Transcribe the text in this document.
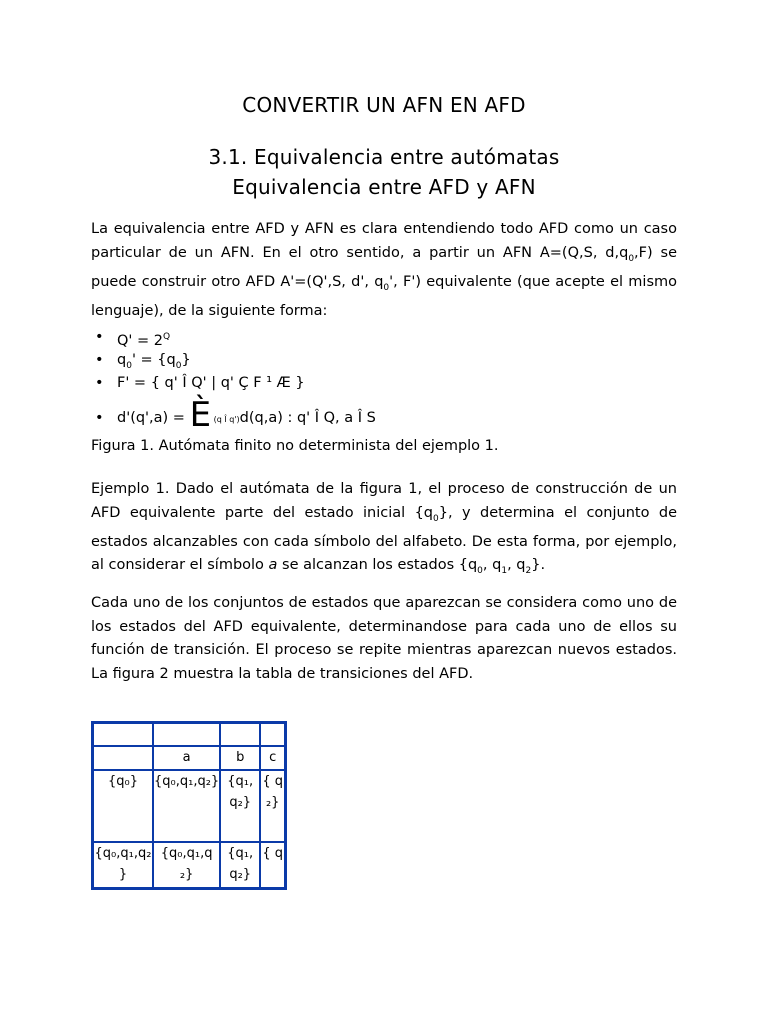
CONVERTIR UN AFN EN AFD
3.1. Equivalencia entre autómatas
Equivalencia entre AFD y AFN
La equivalencia entre AFD y AFN es clara entendiendo todo AFD como un caso particular de un AFN. En el otro sentido, a partir un AFN A=(Q,S, $d,q_0,F$) se puede construir otro AFD A'=(Q',S, d', $q_0'$, F') equivalente (que acepte el mismo lenguaje), de la siguiente forma:
• $Q' = 2^Q$
• $q_0' = \{q_0\}$
• F' = { q' Î Q' | q' Ç F ¹ Æ }
• d'(q',a) = È (q Î q')d(q,a) : q' Î Q, a Î S
Figura 1. Autómata finito no determinista del ejemplo 1.
Ejemplo 1. Dado el autómata de la figura 1, el proceso de construcción de un AFD equivalente parte del estado inicial $\{q_0\}$, y determina el conjunto de estados alcanzables con cada símbolo del alfabeto. De esta forma, por ejemplo, al considerar el símbolo a se alcanzan los estados {$q_0$, $q_1$, $q_2$}.
Cada uno de los conjuntos de estados que aparezcan se considera como uno de los estados del AFD equivalente, determinandose para cada uno de ellos su función de transición. El proceso se repite mientras aparezcan nuevos estados. La figura 2 muestra la tabla de transiciones del AFD.

	a	b	c
{q₀}	{q₀,q₁,q₂}	{q₁, q₂}	{ q ₂}
{q₀,q₁,q₂ }	{q₀,q₁,q ₂}	{q₁, q₂}	{ q
